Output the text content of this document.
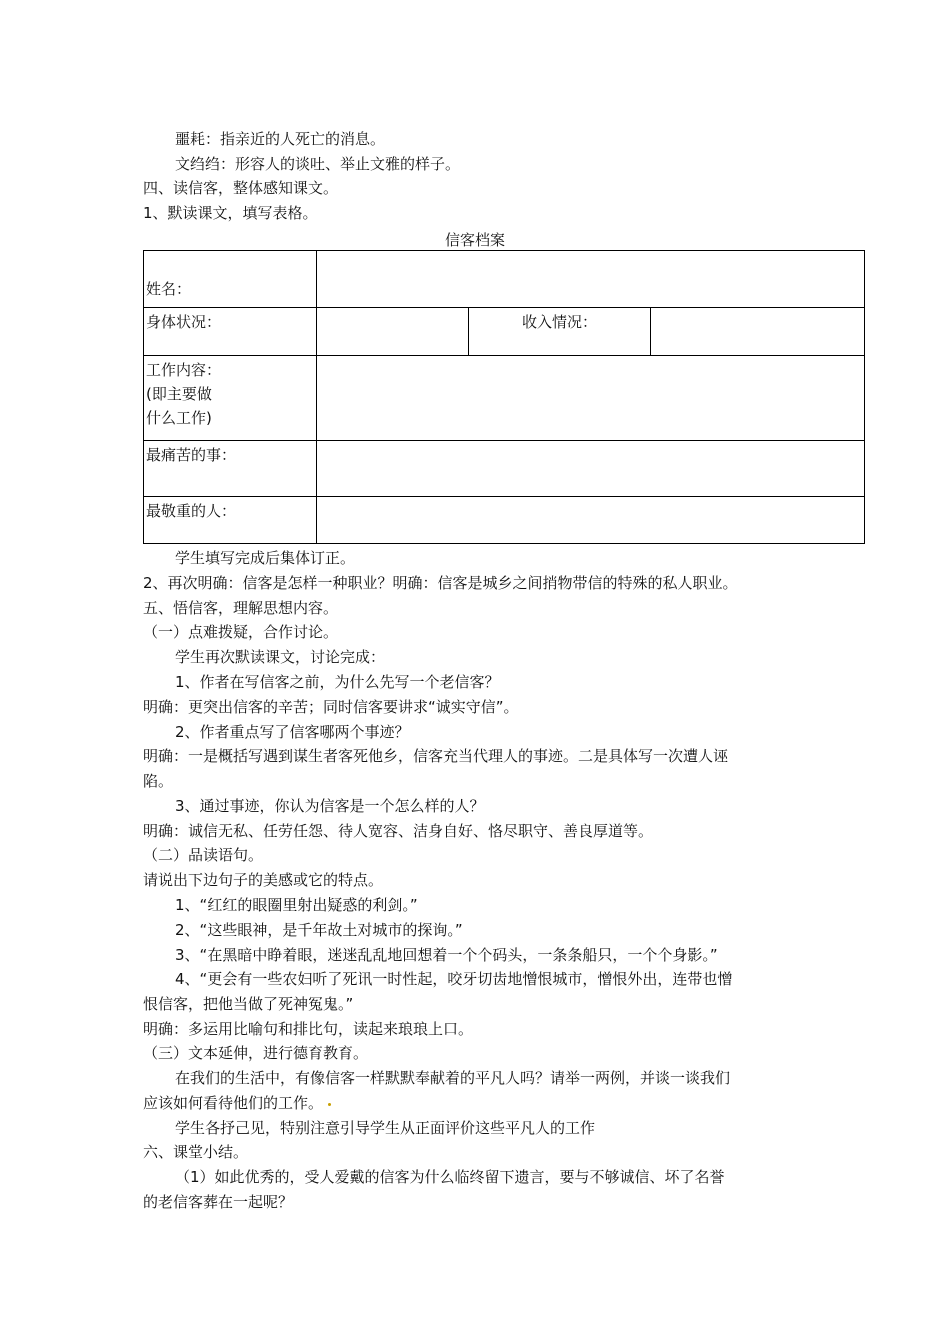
噩耗：指亲近的人死亡的消息。
文绉绉：形容人的谈吐、举止文雅的样子。
四、读信客，整体感知课文。
1、默读课文，填写表格。
信客档案
姓名：			
身体状况：		收入情况：	

工作内容：
(即主要做
什么工作)			

最痛苦的事：			
最敬重的人：			
学生填写完成后集体订正。
2、再次明确：信客是怎样一种职业？明确：信客是城乡之间捎物带信的特殊的私人职业。
五、悟信客，理解思想内容。
（一）点难拨疑，合作讨论。
学生再次默读课文，讨论完成：
1、作者在写信客之前，为什么先写一个老信客？
明确：更突出信客的辛苦；同时信客要讲求“诚实守信”。
2、作者重点写了信客哪两个事迹？
明确：一是概括写遇到谋生者客死他乡，信客充当代理人的事迹。二是具体写一次遭人诬
陷。
3、通过事迹，你认为信客是一个怎么样的人？
明确：诚信无私、任劳任怨、待人宽容、洁身自好、恪尽职守、善良厚道等。
（二）品读语句。
请说出下边句子的美感或它的特点。
1、“红红的眼圈里射出疑惑的利剑。”
2、“这些眼神，是千年故土对城市的探询。”
3、“在黑暗中睁着眼，迷迷乱乱地回想着一个个码头，一条条船只，一个个身影。”
4、“更会有一些农妇听了死讯一时性起，咬牙切齿地憎恨城市，憎恨外出，连带也憎
恨信客，把他当做了死神冤鬼。”
明确：多运用比喻句和排比句，读起来琅琅上口。
（三）文本延伸，进行德育教育。
在我们的生活中，有像信客一样默默奉献着的平凡人吗？请举一两例，并谈一谈我们
应该如何看待他们的工作。
学生各抒己见，特别注意引导学生从正面评价这些平凡人的工作
六、课堂小结。
（1）如此优秀的，受人爱戴的信客为什么临终留下遗言，要与不够诚信、坏了名誉
的老信客葬在一起呢？
